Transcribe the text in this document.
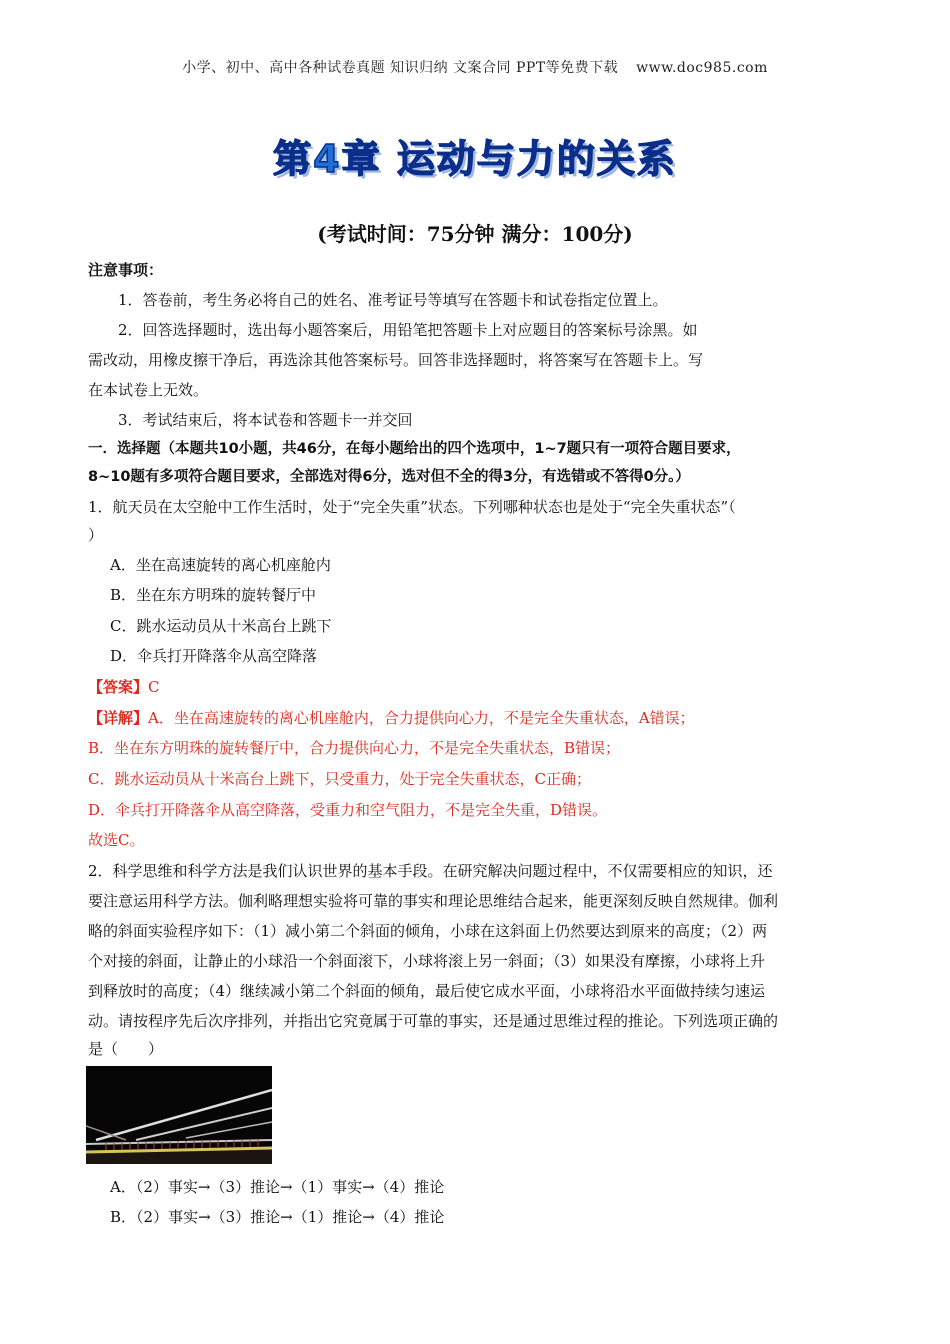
小学、初中、高中各种试卷真题 知识归纳 文案合同 PPT等免费下载 www.doc985.com
第4章 运动与力的关系
(考试时间：75分钟 满分：100分)
注意事项：
1．答卷前，考生务必将自己的姓名、准考证号等填写在答题卡和试卷指定位置上。
2．回答选择题时，选出每小题答案后，用铅笔把答题卡上对应题目的答案标号涂黑。如
需改动，用橡皮擦干净后，再选涂其他答案标号。回答非选择题时，将答案写在答题卡上。写
在本试卷上无效。
3．考试结束后，将本试卷和答题卡一并交回
一．选择题（本题共10小题，共46分，在每小题给出的四个选项中，1~7题只有一项符合题目要求，
8~10题有多项符合题目要求，全部选对得6分，选对但不全的得3分，有选错或不答得0分。）
1．航天员在太空舱中工作生活时，处于“完全失重”状态。下列哪种状态也是处于“完全失重状态”（
）
A．坐在高速旋转的离心机座舱内
B．坐在东方明珠的旋转餐厅中
C．跳水运动员从十米高台上跳下
D．伞兵打开降落伞从高空降落
【答案】C
【详解】A．坐在高速旋转的离心机座舱内，合力提供向心力，不是完全失重状态，A错误；
B．坐在东方明珠的旋转餐厅中，合力提供向心力，不是完全失重状态，B错误；
C．跳水运动员从十米高台上跳下，只受重力，处于完全失重状态，C正确；
D．伞兵打开降落伞从高空降落，受重力和空气阻力，不是完全失重，D错误。
故选C。
2．科学思维和科学方法是我们认识世界的基本手段。在研究解决问题过程中，不仅需要相应的知识，还
要注意运用科学方法。伽利略理想实验将可靠的事实和理论思维结合起来，能更深刻反映自然规律。伽利
略的斜面实验程序如下：（1）减小第二个斜面的倾角，小球在这斜面上仍然要达到原来的高度；（2）两
个对接的斜面，让静止的小球沿一个斜面滚下，小球将滚上另一斜面；（3）如果没有摩擦，小球将上升
到释放时的高度；（4）继续减小第二个斜面的倾角，最后使它成水平面，小球将沿水平面做持续匀速运
动。请按程序先后次序排列，并指出它究竟属于可靠的事实，还是通过思维过程的推论。下列选项正确的
是（　　）
A．（2）事实→（3）推论→（1）事实→（4）推论
B．（2）事实→（3）推论→（1）推论→（4）推论
